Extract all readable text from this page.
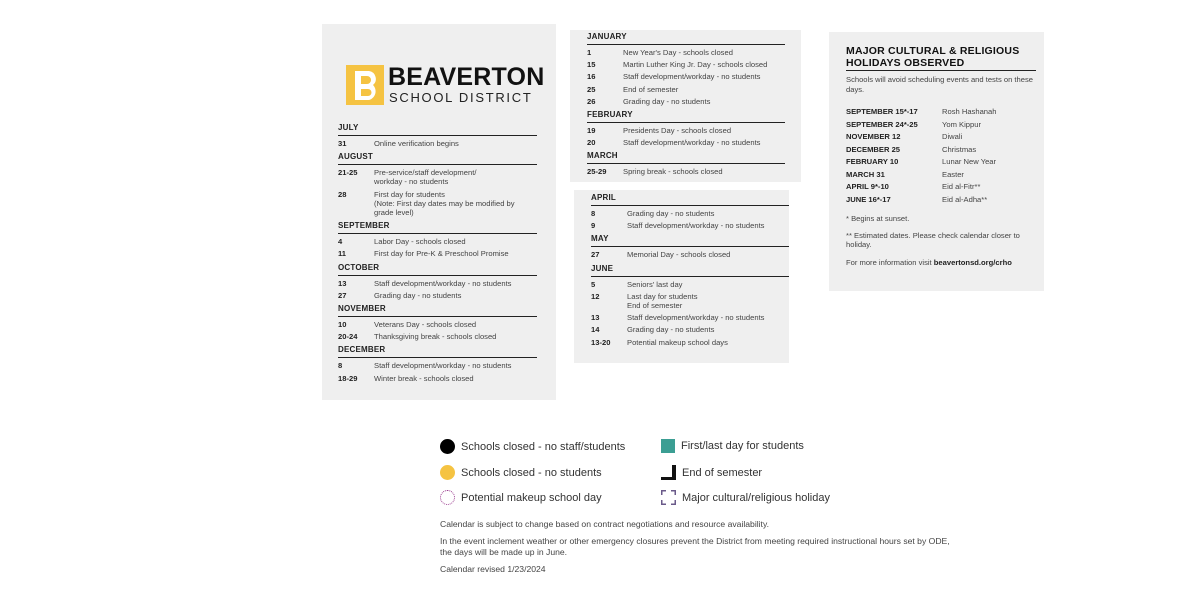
BEAVERTON
SCHOOL DISTRICT
JULY
31	Online verification begins
AUGUST
21-25	Pre-service/staff development/
workday - no students
28	First day for students
(Note: First day dates may be modified by
grade level)
SEPTEMBER
4	Labor Day - schools closed
11	First day for Pre-K & Preschool Promise
OCTOBER
13	Staff development/workday - no students
27	Grading day - no students
NOVEMBER
10	Veterans Day - schools closed
20-24	Thanksgiving break - schools closed
DECEMBER
8	Staff development/workday - no students
18-29	Winter break - schools closed
JANUARY
1	New Year's Day - schools closed
15	Martin Luther King Jr. Day - schools closed
16	Staff development/workday - no students
25	End of semester
26	Grading day - no students
FEBRUARY
19	Presidents Day - schools closed
20	Staff development/workday - no students
MARCH
25-29	Spring break - schools closed
APRIL
8	Grading day - no students
9	Staff development/workday - no students
MAY
27	Memorial Day - schools closed
JUNE
5	Seniors' last day
12	Last day for students
End of semester
13	Staff development/workday - no students
14	Grading day - no students
13-20	Potential makeup school days
MAJOR CULTURAL & RELIGIOUS HOLIDAYS OBSERVED
Schools will avoid scheduling events and tests on these days.
SEPTEMBER 15*-17	Rosh Hashanah
SEPTEMBER 24*-25	Yom Kippur
NOVEMBER 12	Diwali
DECEMBER 25	Christmas
FEBRUARY 10	Lunar New Year
MARCH 31	Easter
APRIL 9*-10	Eid al-Fitr**
JUNE 16*-17	Eid al-Adha**
* Begins at sunset.
** Estimated dates. Please check calendar closer to holiday.
For more information visit beavertonsd.org/crho
Schools closed - no staff/students
Schools closed - no students
Potential makeup school day
First/last day for students
End of semester
Major cultural/religious holiday

Calendar is subject to change based on contract negotiations and resource availability.

In the event inclement weather or other emergency closures prevent the District from meeting required instructional hours set by ODE, the days will be made up in June.

Calendar revised 1/23/2024
